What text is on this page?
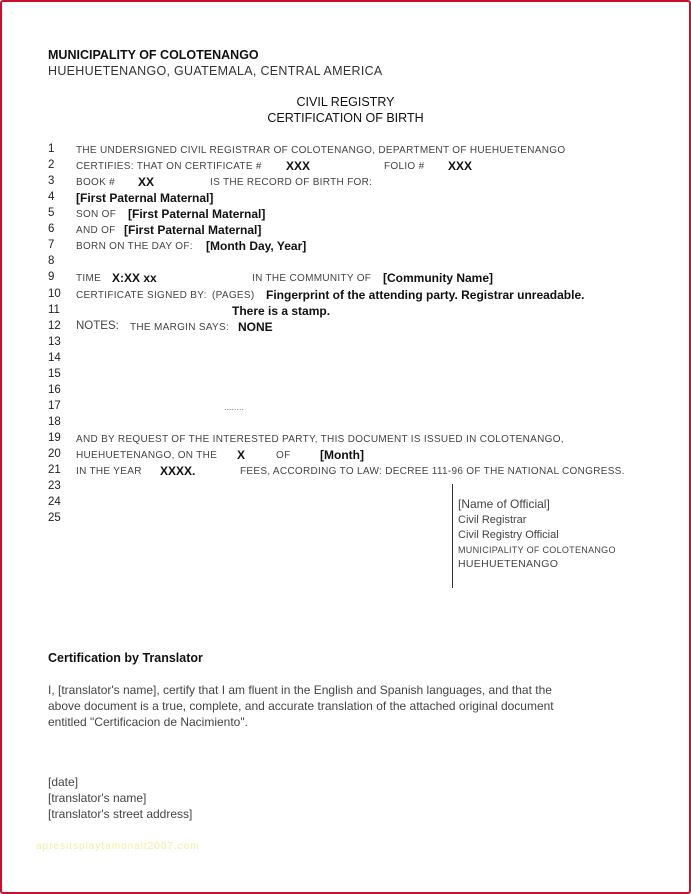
MUNICIPALITY OF COLOTENANGO
HUEHUETENANGO, GUATEMALA, CENTRAL AMERICA
CIVIL REGISTRY
CERTIFICATION OF BIRTH
1
2
3
4
5
6
7
8
9
10
11
12
13
14
15
16
17
18
19
20
21
23
24
25
THE UNDERSIGNED CIVIL REGISTRAR OF COLOTENANGO, DEPARTMENT OF HUEHUETENANGO
CERTIFIES: THAT ON CERTIFICATE # XXX	FOLIO # XXX
BOOK # XX	IS THE RECORD OF BIRTH FOR:
[First Paternal Maternal]
SON OF [First Paternal Maternal]
AND OF [First Paternal Maternal]
BORN ON THE DAY OF: [Month Day, Year]
TIME X:XX xx	IN THE COMMUNITY OF [Community Name]
CERTIFICATE SIGNED BY: (PAGES) Fingerprint of the attending party. Registrar unreadable.
There is a stamp.
NOTES: THE MARGIN SAYS: NONE
........
AND BY REQUEST OF THE INTERESTED PARTY, THIS DOCUMENT IS ISSUED IN COLOTENANGO,
HUEHUETENANGO, ON THE X	OF [Month]
IN THE YEAR XXXX.	FEES, ACCORDING TO LAW: DECREE 111-96 OF THE NATIONAL CONGRESS.
[Name of Official]
Civil Registrar
Civil Registry Official
MUNICIPALITY OF COLOTENANGO
HUEHUETENANGO
Certification by Translator
I, [translator's name], certify that I am fluent in the English and Spanish languages, and that the
above document is a true, complete, and accurate translation of the attached original document
entitled "Certificacion de Nacimiento".
[date]
[translator's name]
[translator's street address]
apresitsplaytamonalt2007.com
